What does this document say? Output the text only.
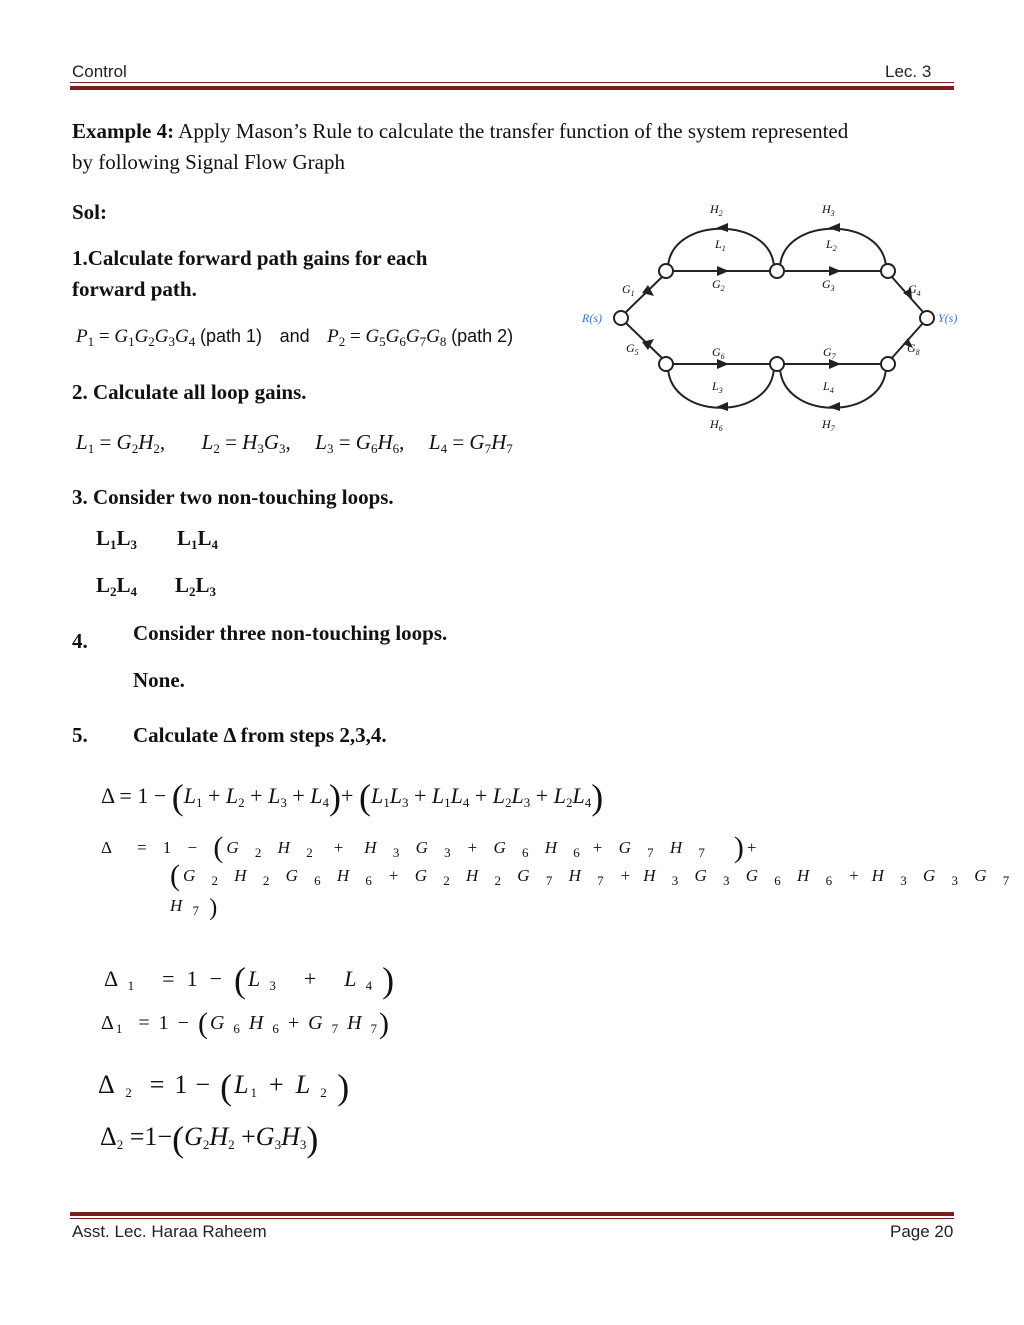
Control	Lec. 3
Example 4: Apply Mason’s Rule to calculate the transfer function of the system represented
by following Signal Flow Graph
Sol:
1.Calculate forward path gains for each
forward path.
$P_1 = G_1G_2G_3G_4$ (path 1) and  $P_2 = G_5G_6G_7G_8$ (path 2)
2. Calculate all loop gains.
$L_1 = G_2H_2$,  $L_2 = H_3G_3$,  $L_3 = G_6H_6$,  $L_4 = G_7H_7$
3. Consider two non-touching loops.
$L_1L_3$ $L_1L_4$
$L_2L_4$ $L_2L_3$
4. Consider three non-touching loops.
None.
5. Calculate Δ from steps 2,3,4.
$\Delta = 1 - (L_1 + L_2 + L_3 + L_4)+ (L_1L_3 + L_1L_4 + L_2L_3 + L_2L_4)$
Δ = 1 − (G $_2$ H $_2$ + H $_3$ G $_3$ + G $_6$ H $_6$ + G $_7$ H $_7$ )+
(G $_2$ H $_2$ G $_6$ H $_6$ + G $_2$ H $_2$ G $_7$ H $_7$ + H $_3$ G $_3$ G $_6$ H $_6$ + H $_3$ G $_3$ G $_7$
H $_7$ )
Δ $_1$ = 1 − (L $_3$ + L $_4$ )
$\Delta_1 = 1 - (G$ $_6$ H $_6$ + G $_7$ H $_7$)
Δ $_2 = 1 - (L_1 + L$ $_2$ )
$\Delta_2 =1-(G_2H_2 +G_3H_3)$
$H_2$	$H_3$
$L_1$	$L_2$
$G_2$	$G_3$
$G_1$	$G_4$
$G_5$	$G_8$
$G_6$	$G_7$
$L_3$	$L_4$
$H_6$	$H_7$
R(s)	Y(s)
Asst. Lec. Haraa Raheem	Page 20
